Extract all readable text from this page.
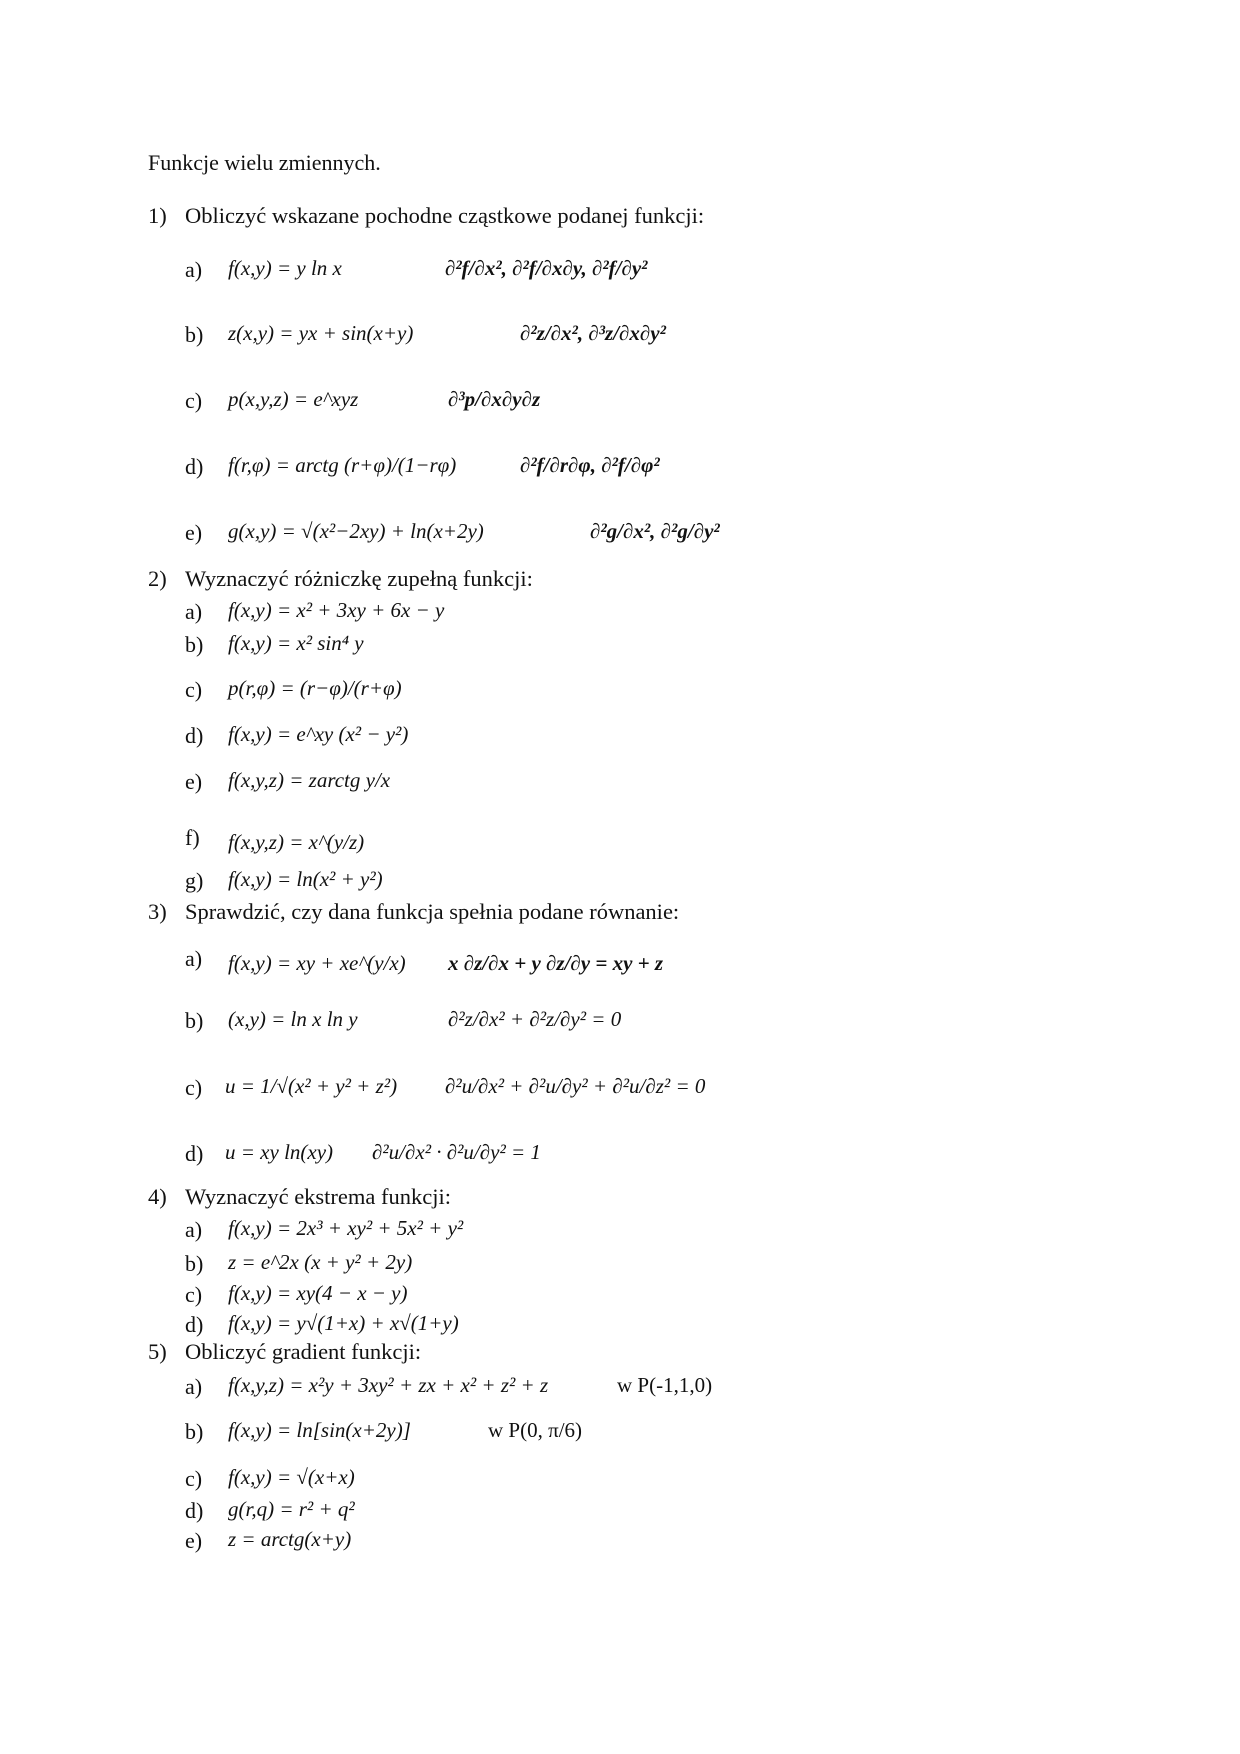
Funkcje wielu zmiennych.
1) Obliczyć wskazane pochodne cząstkowe podanej funkcji:
a) f(x,y) = y ln x	∂²f/∂x², ∂²f/∂x∂y, ∂²f/∂y²
b) z(x,y) = yx + sin(x+y)	∂²z/∂x², ∂³z/∂x∂y²
c) p(x,y,z) = e^xyz	∂³p/∂x∂y∂z
d) f(r,φ) = arctg (r+φ)/(1−rφ)	∂²f/∂r∂φ, ∂²f/∂φ²
e) g(x,y) = √(x²−2xy) + ln(x+2y)	∂²g/∂x², ∂²g/∂y²
2) Wyznaczyć różniczkę zupełną funkcji:
a) f(x,y) = x² + 3xy + 6x − y
b) f(x,y) = x² sin⁴ y
c) p(r,φ) = (r−φ)/(r+φ)
d) f(x,y) = e^xy (x² − y²)
e) f(x,y,z) = zarctg y/x
f) f(x,y,z) = x^(y/z)
g) f(x,y) = ln(x² + y²)
3) Sprawdzić, czy dana funkcja spełnia podane równanie:
a) f(x,y) = xy + xe^(y/x) x ∂z/∂x + y ∂z/∂y = xy + z
b) (x,y) = ln x ln y	∂²z/∂x² + ∂²z/∂y² = 0
c) u = 1/√(x² + y² + z²) ∂²u/∂x² + ∂²u/∂y² + ∂²u/∂z² = 0
d) u = xy ln(xy) ∂²u/∂x² · ∂²u/∂y² = 1
4) Wyznaczyć ekstrema funkcji:
a) f(x,y) = 2x³ + xy² + 5x² + y²
b) z = e^2x (x + y² + 2y)
c) f(x,y) = xy(4 − x − y)
d) f(x,y) = y√(1+x) + x√(1+y)
5) Obliczyć gradient funkcji:
a) f(x,y,z) = x²y + 3xy² + zx + x² + z² + z	w P(-1,1,0)
b) f(x,y) = ln[sin(x+2y)]	w P(0, π/6)
c) f(x,y) = √(x+x)
d) g(r,q) = r² + q²
e) z = arctg(x+y)
